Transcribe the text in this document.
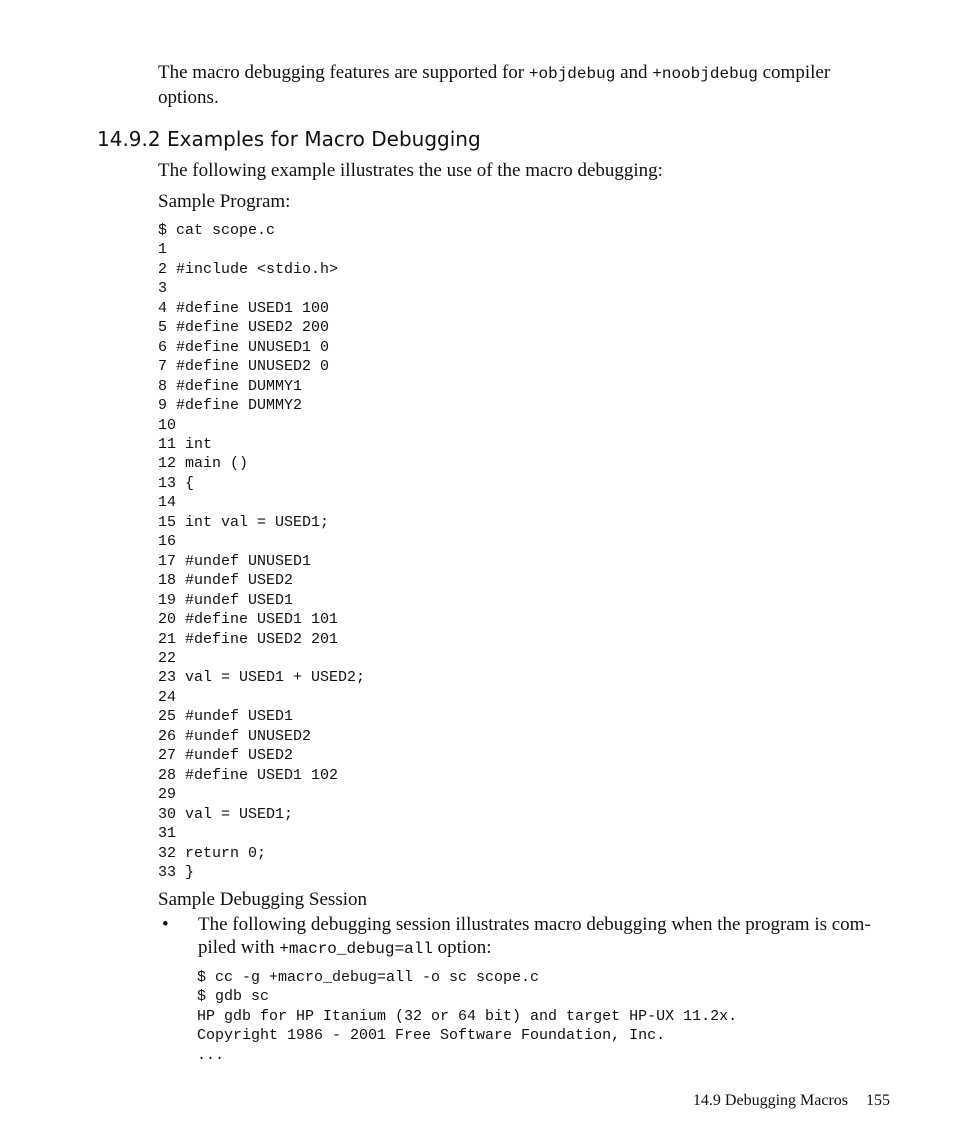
The macro debugging features are supported for +objdebug and +noobjdebug compiler options.

14.9.2 Examples for Macro Debugging

The following example illustrates the use of the macro debugging:

Sample Program:

$ cat scope.c
1
2 #include <stdio.h>
3
4 #define USED1 100
5 #define USED2 200
6 #define UNUSED1 0
7 #define UNUSED2 0
8 #define DUMMY1
9 #define DUMMY2
10
11 int
12 main ()
13 {
14
15 int val = USED1;
16
17 #undef UNUSED1
18 #undef USED2
19 #undef USED1
20 #define USED1 101
21 #define USED2 201
22
23 val = USED1 + USED2;
24
25 #undef USED1
26 #undef UNUSED2
27 #undef USED2
28 #define USED1 102
29
30 val = USED1;
31
32 return 0;
33 }

Sample Debugging Session

• The following debugging session illustrates macro debugging when the program is com- piled with +macro_debug=all option:

$ cc -g +macro_debug=all -o sc scope.c
$ gdb sc
HP gdb for HP Itanium (32 or 64 bit) and target HP-UX 11.2x.
Copyright 1986 - 2001 Free Software Foundation, Inc.
...
14.9 Debugging Macros 155
